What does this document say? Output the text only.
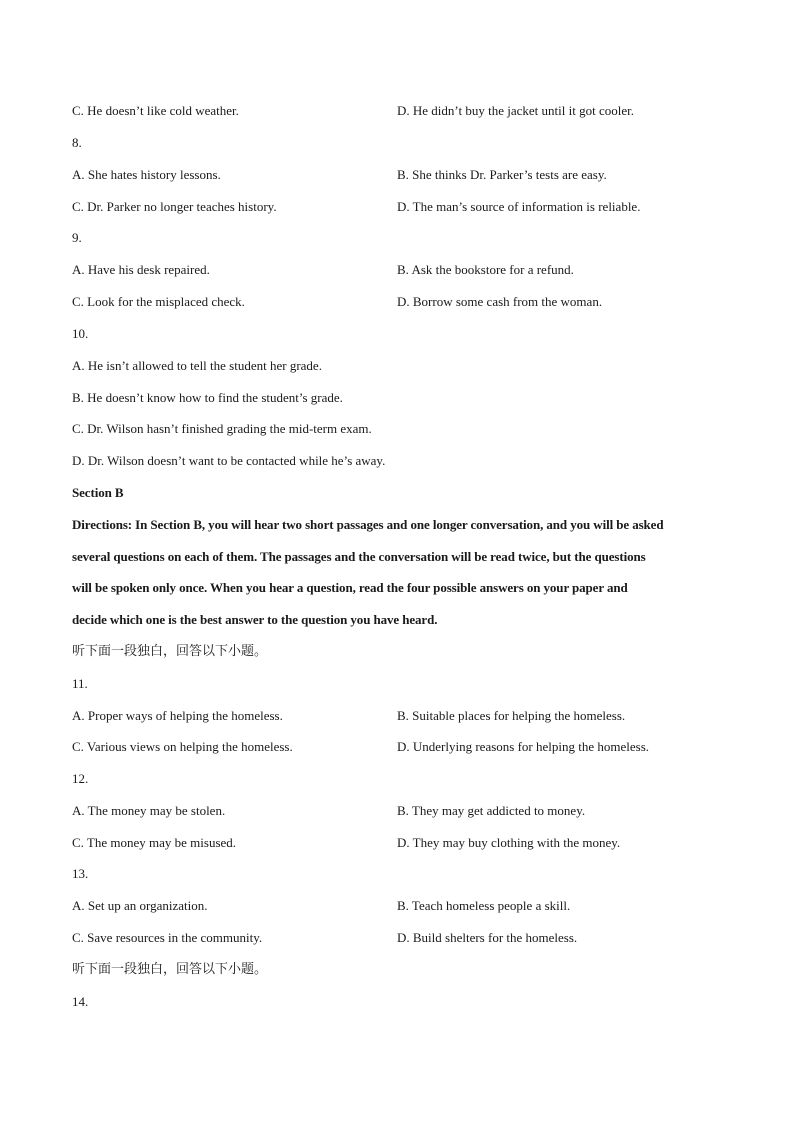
C. He doesn’t like cold weather.	D. He didn’t buy the jacket until it got cooler.
8.
A. She hates history lessons.	B. She thinks Dr. Parker’s tests are easy.
C. Dr. Parker no longer teaches history.	D. The man’s source of information is reliable.
9.
A. Have his desk repaired.	B. Ask the bookstore for a refund.
C. Look for the misplaced check.	D. Borrow some cash from the woman.
10.
A. He isn’t allowed to tell the student her grade.
B. He doesn’t know how to find the student’s grade.
C. Dr. Wilson hasn’t finished grading the mid-term exam.
D. Dr. Wilson doesn’t want to be contacted while he’s away.
Section B
Directions: In Section B, you will hear two short passages and one longer conversation, and you will be asked
several questions on each of them. The passages and the conversation will be read twice, but the questions
will be spoken only once. When you hear a question, read the four possible answers on your paper and
decide which one is the best answer to the question you have heard.
听下面一段独白，回答以下小题。
11.
A. Proper ways of helping the homeless.	B. Suitable places for helping the homeless.
C. Various views on helping the homeless.	D. Underlying reasons for helping the homeless.
12.
A. The money may be stolen.	B. They may get addicted to money.
C. The money may be misused.	D. They may buy clothing with the money.
13.
A. Set up an organization.	B. Teach homeless people a skill.
C. Save resources in the community.	D. Build shelters for the homeless.
听下面一段独白，回答以下小题。
14.
